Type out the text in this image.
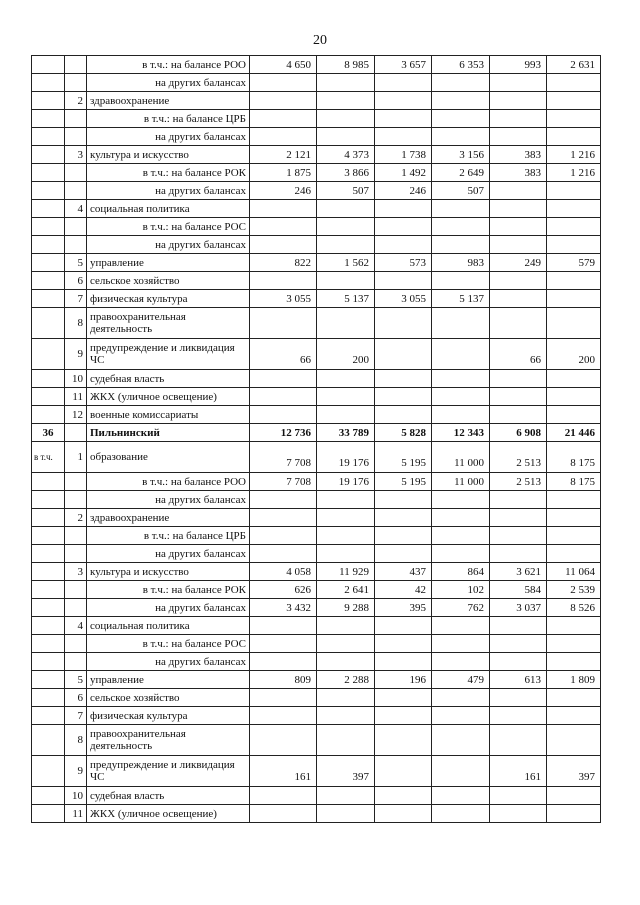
20
		в т.ч.: на балансе РОО	4 650	8 985	3 657	6 353	993	2 631
		на других балансах						
	2	здравоохранение						
		в т.ч.: на балансе ЦРБ						
		на других балансах						
	3	культура и искусство	2 121	4 373	1 738	3 156	383	1 216
		в т.ч.: на балансе РОК	1 875	3 866	1 492	2 649	383	1 216
		на других балансах	246	507	246	507		
	4	социальная политика						
		в т.ч.: на балансе РОС						
		на других балансах						
	5	управление	822	1 562	573	983	249	579
	6	сельское хозяйство						
	7	физическая культура	3 055	5 137	3 055	5 137		
	8	правоохранительная деятельность						
	9	предупреждение и ликвидация ЧС	66	200			66	200
	10	судебная власть						
	11	ЖКХ (уличное освещение)						
	12	военные комиссариаты						
36		Пильнинский	12 736	33 789	5 828	12 343	6 908	21 446
в т.ч.	1	образование	7 708	19 176	5 195	11 000	2 513	8 175
		в т.ч.: на балансе РОО	7 708	19 176	5 195	11 000	2 513	8 175
		на других балансах						
	2	здравоохранение						
		в т.ч.: на балансе ЦРБ						
		на других балансах						
	3	культура и искусство	4 058	11 929	437	864	3 621	11 064
		в т.ч.: на балансе РОК	626	2 641	42	102	584	2 539
		на других балансах	3 432	9 288	395	762	3 037	8 526
	4	социальная политика						
		в т.ч.: на балансе РОС						
		на других балансах						
	5	управление	809	2 288	196	479	613	1 809
	6	сельское хозяйство						
	7	физическая культура						
	8	правоохранительная деятельность						
	9	предупреждение и ликвидация ЧС	161	397			161	397
	10	судебная власть						
	11	ЖКХ (уличное освещение)						
